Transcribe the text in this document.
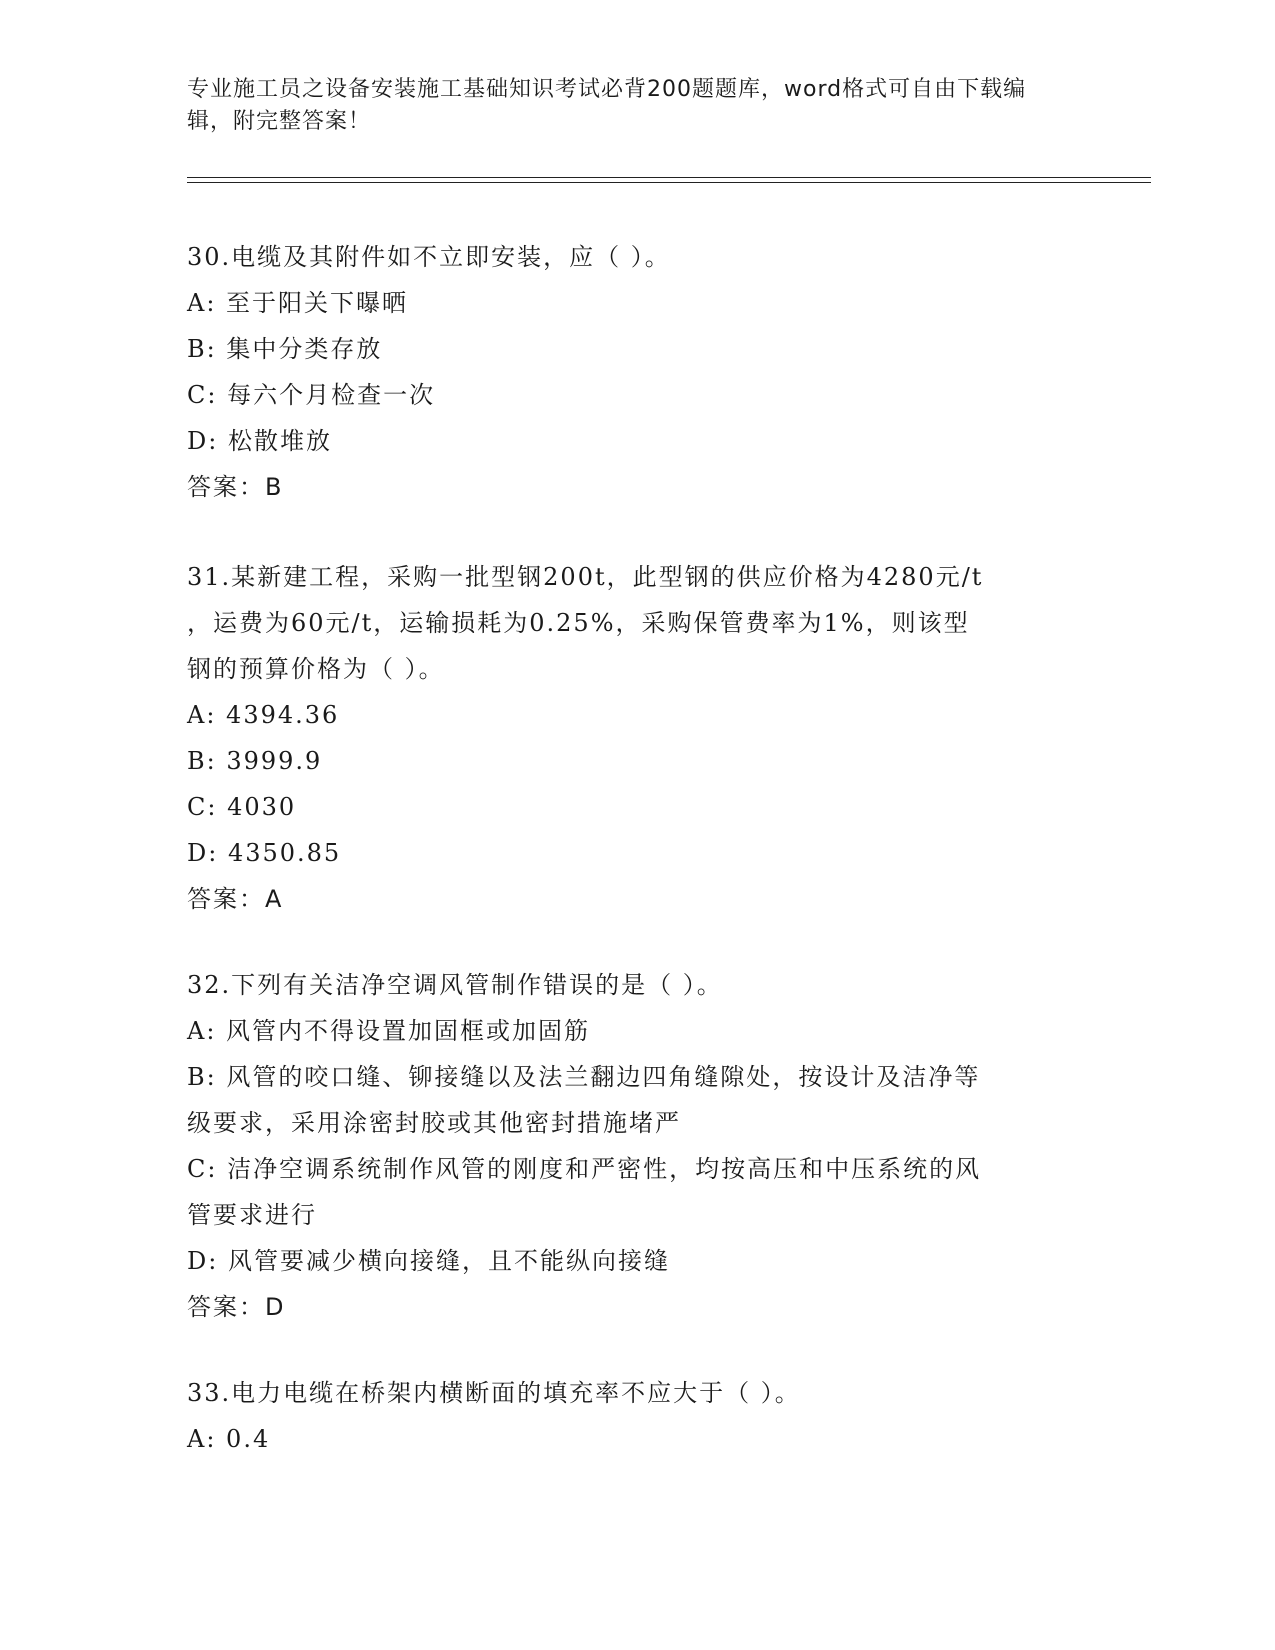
专业施工员之设备安装施工基础知识考试必背200题题库，word格式可自由下载编辑，附完整答案！
30.电缆及其附件如不立即安装，应（ ）。
A: 至于阳关下曝晒
B: 集中分类存放
C: 每六个月检查一次
D: 松散堆放
答案：B
31.某新建工程，采购一批型钢200t，此型钢的供应价格为4280元/t
，运费为60元/t，运输损耗为0.25%，采购保管费率为1%，则该型
钢的预算价格为（ ）。
A: 4394.36
B: 3999.9
C: 4030
D: 4350.85
答案：A
32.下列有关洁净空调风管制作错误的是（ ）。
A: 风管内不得设置加固框或加固筋
B: 风管的咬口缝、铆接缝以及法兰翻边四角缝隙处，按设计及洁净等
级要求，采用涂密封胶或其他密封措施堵严
C: 洁净空调系统制作风管的刚度和严密性，均按高压和中压系统的风
管要求进行
D: 风管要减少横向接缝，且不能纵向接缝
答案：D
33.电力电缆在桥架内横断面的填充率不应大于（ ）。
A: 0.4
